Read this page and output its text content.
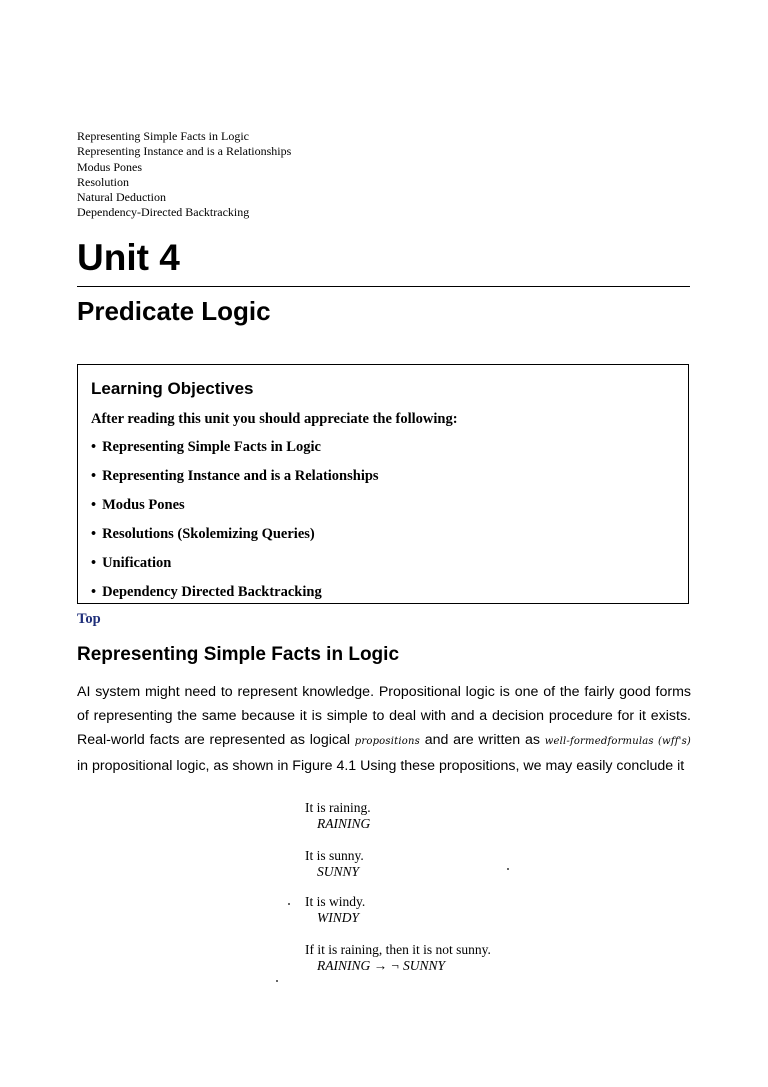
Representing Simple Facts in Logic
Representing Instance and is a Relationships
Modus Pones
Resolution
Natural Deduction
Dependency-Directed Backtracking
Unit 4
Predicate Logic
Learning Objectives
After reading this unit you should appreciate the following:
• Representing Simple Facts in Logic
• Representing Instance and is a Relationships
• Modus Pones
• Resolutions (Skolemizing Queries)
• Unification
• Dependency Directed Backtracking
Top
Representing Simple Facts in Logic

AI system might need to represent knowledge. Propositional logic is one of the fairly good forms of representing the same because it is simple to deal with and a decision procedure for it exists. Real-world facts are represented as logical propositions and are written as well-formedformulas (wff's) in propositional logic, as shown in Figure 4.1 Using these propositions, we may easily conclude it

It is raining.
RAINING
It is sunny.
SUNNY
It is windy.
WINDY
If it is raining, then it is not sunny.
RAINING → ¬ SUNNY
